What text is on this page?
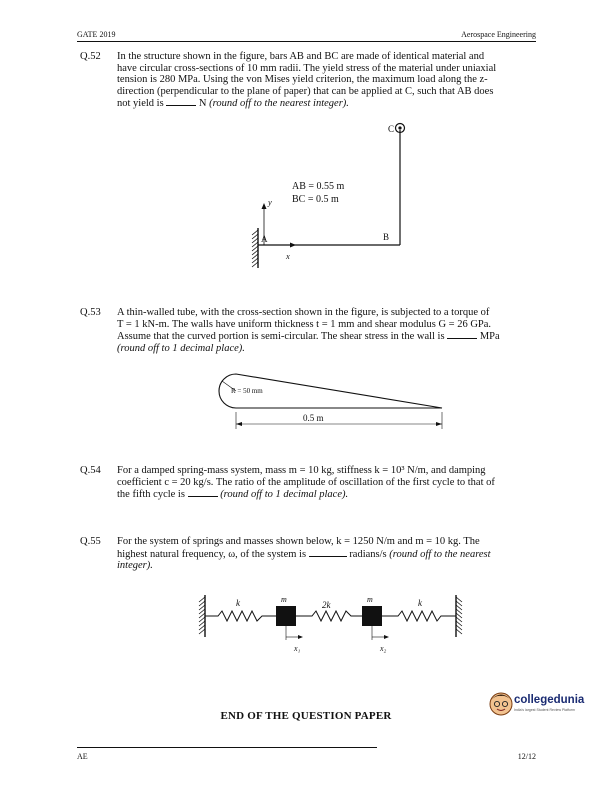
GATE 2019	Aerospace Engineering
Q.52 In the structure shown in the figure, bars AB and BC are made of identical material and

have circular cross-sections of 10 mm radii. The yield stress of the material under uniaxial

tension is 280 MPa. Using the von Mises yield criterion, the maximum load along the z-

direction (perpendicular to the plane of paper) that can be applied at C, such that AB does

not yield is	N (round off to the nearest integer).

y
x
A	B
C
AB = 0.55 m
BC = 0.5 m
Q.53 A thin-walled tube, with the cross-section shown in the figure, is subjected to a torque of

T = 1 kN-m. The walls have uniform thickness t = 1 mm and shear modulus G = 26 GPa.

Assume that the curved portion is semi-circular. The shear stress in the wall is	MPa

(round off to 1 decimal place).

R = 50 mm
0.5 m
Q.54 For a damped spring-mass system, mass m = 10 kg, stiffness k = 10³ N/m, and damping

coefficient c = 20 kg/s. The ratio of the amplitude of oscillation of the first cycle to that of

the fifth cycle is	(round off to 1 decimal place).

Q.55 For the system of springs and masses shown below, k = 1250 N/m and m = 10 kg. The

highest natural frequency, ω, of the system is	radians/s (round off to the nearest

integer).

k	2k	k
m	m
x₁	x₂
collegedunia
India's largest Student Review Platform
END OF THE QUESTION PAPER
AE	12/12
